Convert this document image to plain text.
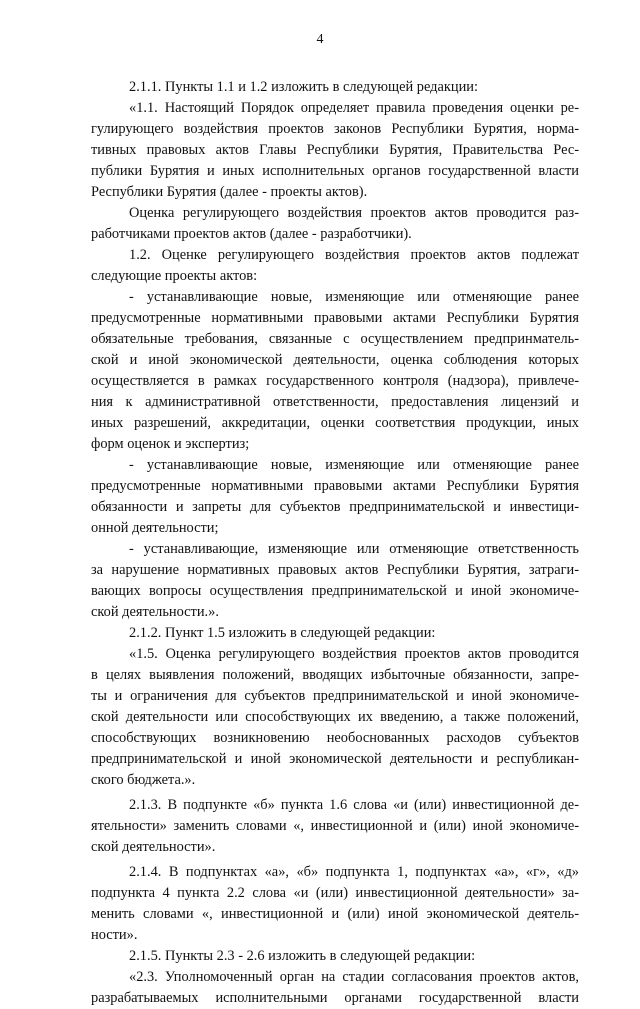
4
2.1.1. Пункты 1.1 и 1.2 изложить в следующей редакции:
«1.1. Настоящий Порядок определяет правила проведения оценки ре-
гулирующего воздействия проектов законов Республики Бурятия, норма-
тивных правовых актов Главы Республики Бурятия, Правительства Рес-
публики Бурятия и иных исполнительных органов государственной власти
Республики Бурятия (далее - проекты актов).
Оценка регулирующего воздействия проектов актов проводится раз-
работчиками проектов актов (далее - разработчики).
1.2. Оценке регулирующего воздействия проектов актов подлежат
следующие проекты актов:
- устанавливающие новые, изменяющие или отменяющие ранее
предусмотренные нормативными правовыми актами Республики Бурятия
обязательные требования, связанные с осуществлением предпринматель-
ской и иной экономической деятельности, оценка соблюдения которых
осуществляется в рамках государственного контроля (надзора), привлече-
ния к административной ответственности, предоставления лицензий и
иных разрешений, аккредитации, оценки соответствия продукции, иных
форм оценок и экспертиз;
- устанавливающие новые, изменяющие или отменяющие ранее
предусмотренные нормативными правовыми актами Республики Бурятия
обязанности и запреты для субъектов предпринимательской и инвестици-
онной деятельности;
- устанавливающие, изменяющие или отменяющие ответственность
за нарушение нормативных правовых актов Республики Бурятия, затраги-
вающих вопросы осуществления предпринимательской и иной экономиче-
ской деятельности.».
2.1.2. Пункт 1.5 изложить в следующей редакции:
«1.5. Оценка регулирующего воздействия проектов актов проводится
в целях выявления положений, вводящих избыточные обязанности, запре-
ты и ограничения для субъектов предпринимательской и иной экономиче-
ской деятельности или способствующих их введению, а также положений,
способствующих возникновению необоснованных расходов субъектов
предпринимательской и иной экономической деятельности и республикан-
ского бюджета.».
2.1.3. В подпункте «б» пункта 1.6 слова «и (или) инвестиционной де-
ятельности» заменить словами «, инвестиционной и (или) иной экономиче-
ской деятельности».
2.1.4. В подпунктах «а», «б» подпункта 1, подпунктах «а», «г», «д»
подпункта 4 пункта 2.2 слова «и (или) инвестиционной деятельности» за-
менить словами «, инвестиционной и (или) иной экономической деятель-
ности».
2.1.5. Пункты 2.3 - 2.6 изложить в следующей редакции:
«2.3. Уполномоченный орган на стадии согласования проектов актов,
разрабатываемых исполнительными органами государственной власти
